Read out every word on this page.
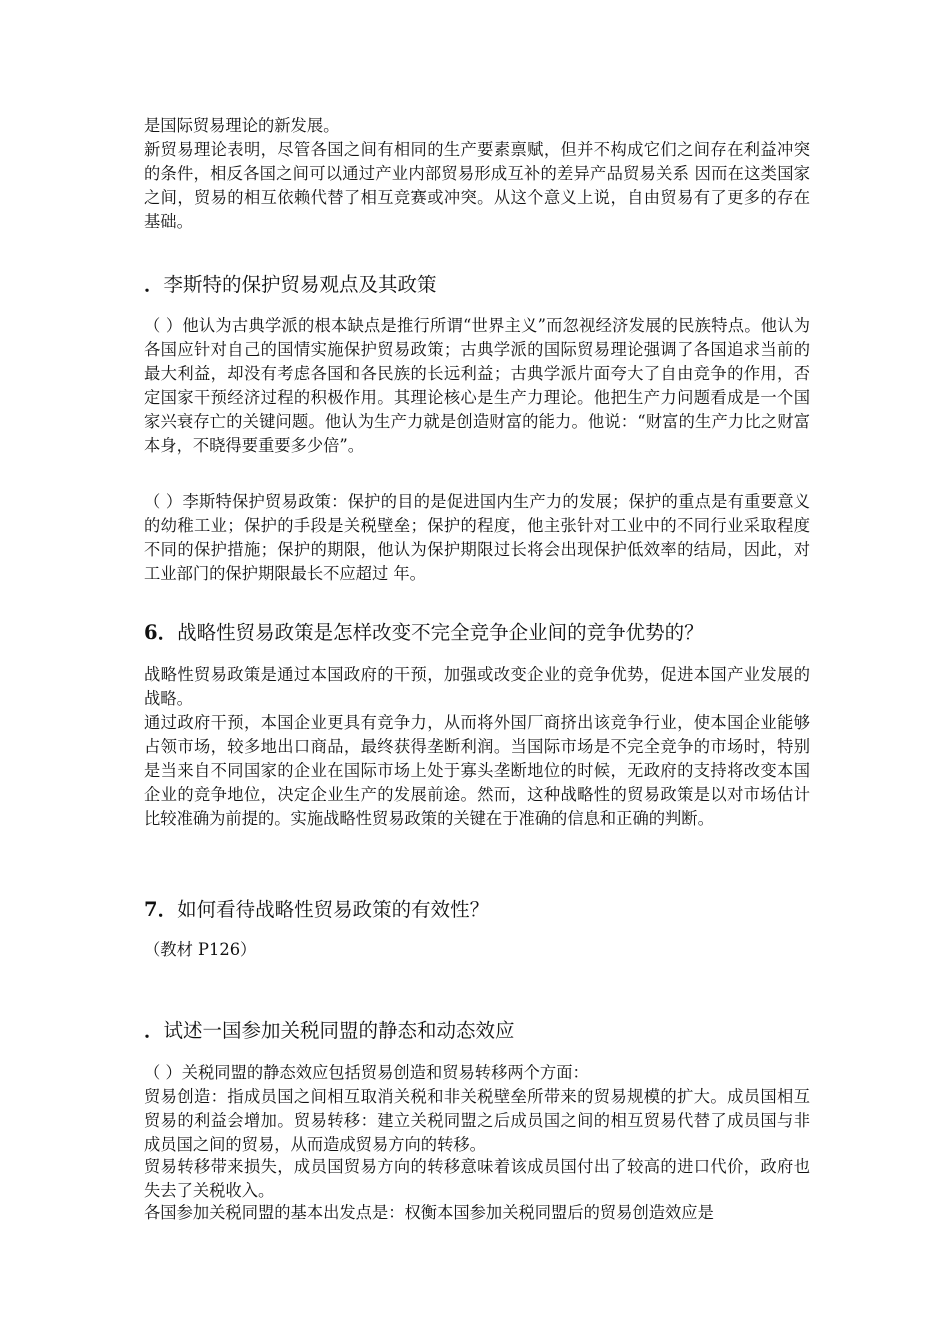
是国际贸易理论的新发展。

新贸易理论表明，尽管各国之间有相同的生产要素禀赋，但并不构成它们之间存在利益冲突的条件，相反各国之间可以通过产业内部贸易形成互补的差异产品贸易关系 因而在这类国家之间，贸易的相互依赖代替了相互竞赛或冲突。从这个意义上说，自由贸易有了更多的存在基础。

．李斯特的保护贸易观点及其政策

（ ）他认为古典学派的根本缺点是推行所谓“世界主义”而忽视经济发展的民族特点。他认为各国应针对自己的国情实施保护贸易政策；古典学派的国际贸易理论强调了各国追求当前的最大利益，却没有考虑各国和各民族的长远利益；古典学派片面夸大了自由竞争的作用，否定国家干预经济过程的积极作用。其理论核心是生产力理论。他把生产力问题看成是一个国家兴衰存亡的关键问题。他认为生产力就是创造财富的能力。他说：“财富的生产力比之财富本身，不晓得要重要多少倍”。

（ ）李斯特保护贸易政策：保护的目的是促进国内生产力的发展；保护的重点是有重要意义的幼稚工业；保护的手段是关税壁垒；保护的程度，他主张针对工业中的不同行业采取程度不同的保护措施；保护的期限，他认为保护期限过长将会出现保护低效率的结局，因此，对工业部门的保护期限最长不应超过 年。

6．战略性贸易政策是怎样改变不完全竞争企业间的竞争优势的？

战略性贸易政策是通过本国政府的干预，加强或改变企业的竞争优势，促进本国产业发展的战略。

通过政府干预，本国企业更具有竞争力，从而将外国厂商挤出该竞争行业，使本国企业能够占领市场，较多地出口商品，最终获得垄断利润。当国际市场是不完全竞争的市场时，特别是当来自不同国家的企业在国际市场上处于寡头垄断地位的时候，无政府的支持将改变本国企业的竞争地位，决定企业生产的发展前途。然而，这种战略性的贸易政策是以对市场估计比较准确为前提的。实施战略性贸易政策的关键在于准确的信息和正确的判断。

7．如何看待战略性贸易政策的有效性？

（教材 P126）

．试述一国参加关税同盟的静态和动态效应

（ ）关税同盟的静态效应包括贸易创造和贸易转移两个方面：

贸易创造：指成员国之间相互取消关税和非关税壁垒所带来的贸易规模的扩大。成员国相互贸易的利益会增加。贸易转移：建立关税同盟之后成员国之间的相互贸易代替了成员国与非成员国之间的贸易，从而造成贸易方向的转移。

贸易转移带来损失，成员国贸易方向的转移意味着该成员国付出了较高的进口代价，政府也失去了关税收入。

各国参加关税同盟的基本出发点是：权衡本国参加关税同盟后的贸易创造效应是
